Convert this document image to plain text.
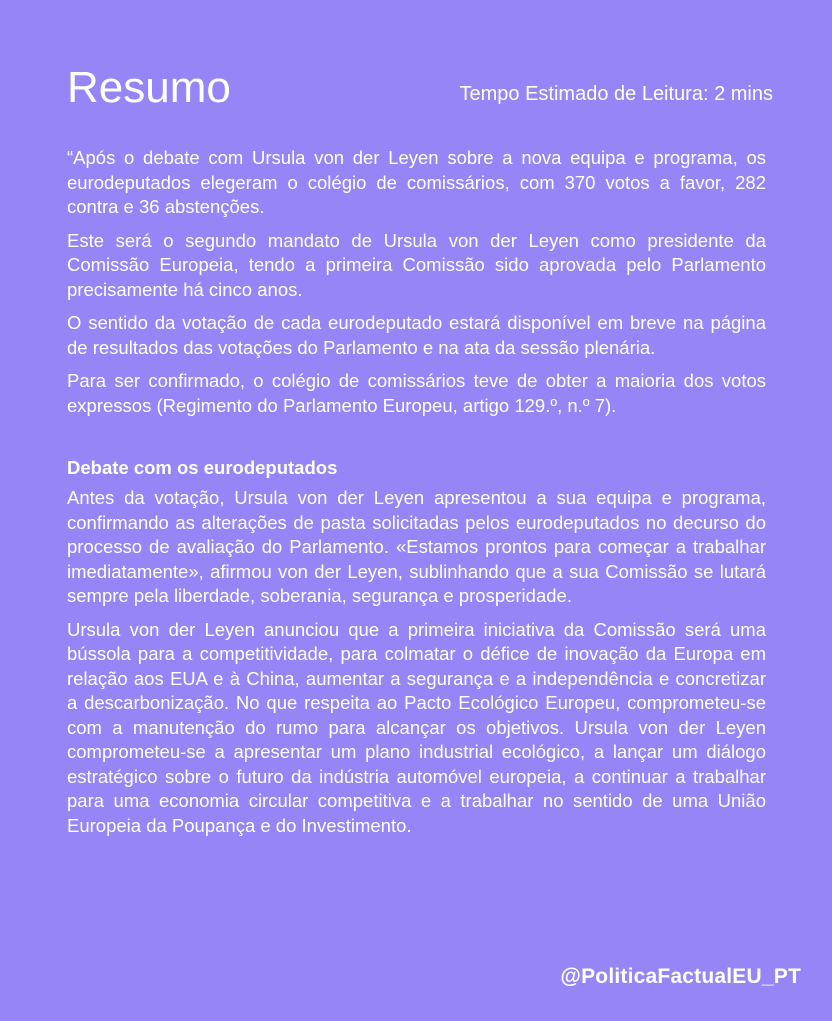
Resumo	Tempo Estimado de Leitura: 2 mins

“Após o debate com Ursula von der Leyen sobre a nova equipa e programa, os eurodeputados elegeram o colégio de comissários, com 370 votos a favor, 282 contra e 36 abstenções.

Este será o segundo mandato de Ursula von der Leyen como presidente da Comissão Europeia, tendo a primeira Comissão sido aprovada pelo Parlamento precisamente há cinco anos.

O sentido da votação de cada eurodeputado estará disponível em breve na página de resultados das votações do Parlamento e na ata da sessão plenária.

Para ser confirmado, o colégio de comissários teve de obter a maioria dos votos expressos (Regimento do Parlamento Europeu, artigo 129.º, n.º 7).

Debate com os eurodeputados

Antes da votação, Ursula von der Leyen apresentou a sua equipa e programa, confirmando as alterações de pasta solicitadas pelos eurodeputados no decurso do processo de avaliação do Parlamento. «Estamos prontos para começar a trabalhar imediatamente», afirmou von der Leyen, sublinhando que a sua Comissão se lutará sempre pela liberdade, soberania, segurança e prosperidade.

Ursula von der Leyen anunciou que a primeira iniciativa da Comissão será uma bússola para a competitividade, para colmatar o défice de inovação da Europa em relação aos EUA e à China, aumentar a segurança e a independência e concretizar a descarbonização. No que respeita ao Pacto Ecológico Europeu, comprometeu-se com a manutenção do rumo para alcançar os objetivos. Ursula von der Leyen comprometeu-se a apresentar um plano industrial ecológico, a lançar um diálogo estratégico sobre o futuro da indústria automóvel europeia, a continuar a trabalhar para uma economia circular competitiva e a trabalhar no sentido de uma União Europeia da Poupança e do Investimento.

@PoliticaFactualEU_PT
